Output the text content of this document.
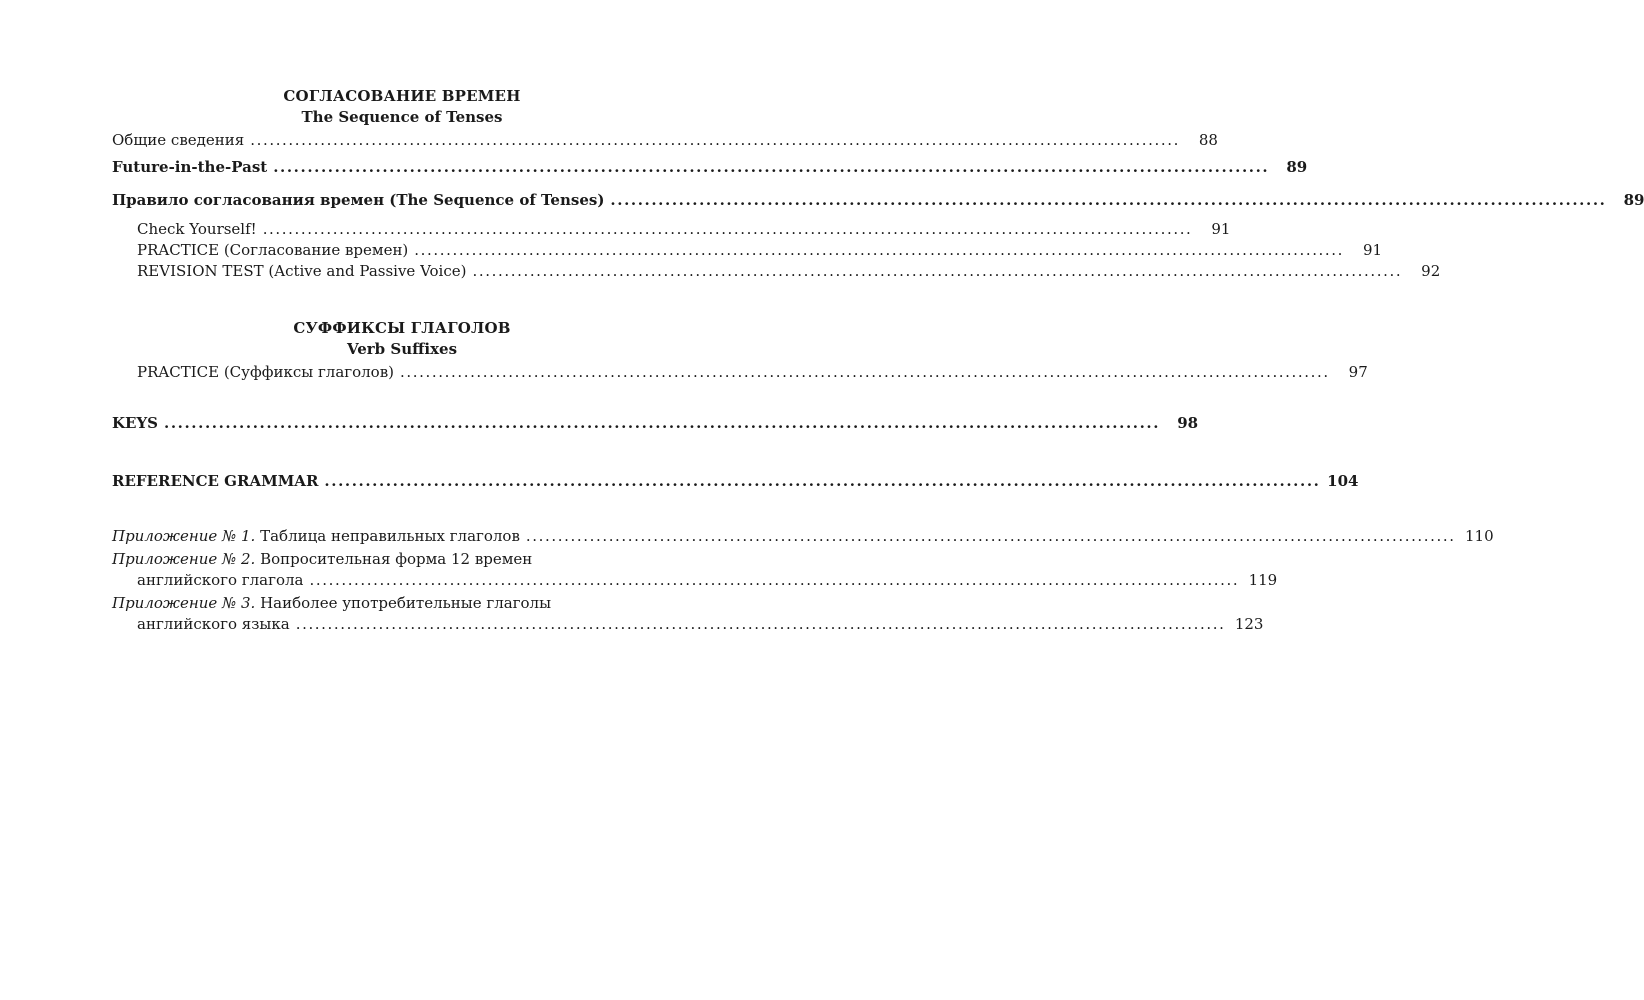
СОГЛАСОВАНИЕ ВРЕМЕН
The Sequence of Tenses
Общие сведения ..................................................................................................................................................	88
Future-in-the-Past ..................................................................................................................................................	89
Правило согласования времен (The Sequence of Tenses) ..................................................................................................................................................	89
Check Yourself! ..................................................................................................................................................	91
PRACTICE (Согласование времен) ..................................................................................................................................................	91
REVISION TEST (Active and Passive Voice) ..................................................................................................................................................	92
СУФФИКСЫ ГЛАГОЛОВ
Verb Suffixes
PRACTICE (Суффиксы глаголов) ..................................................................................................................................................	97
KEYS ..................................................................................................................................................	98
REFERENCE GRAMMAR .................................................................................................................................................. 104
Приложение № 1. Таблица неправильных глаголов .................................................................................................................................................. 110
Приложение № 2. Вопросительная форма 12 времен
английского глагола .................................................................................................................................................. 119
Приложение № 3. Наиболее употребительные глаголы
английского языка .................................................................................................................................................. 123
